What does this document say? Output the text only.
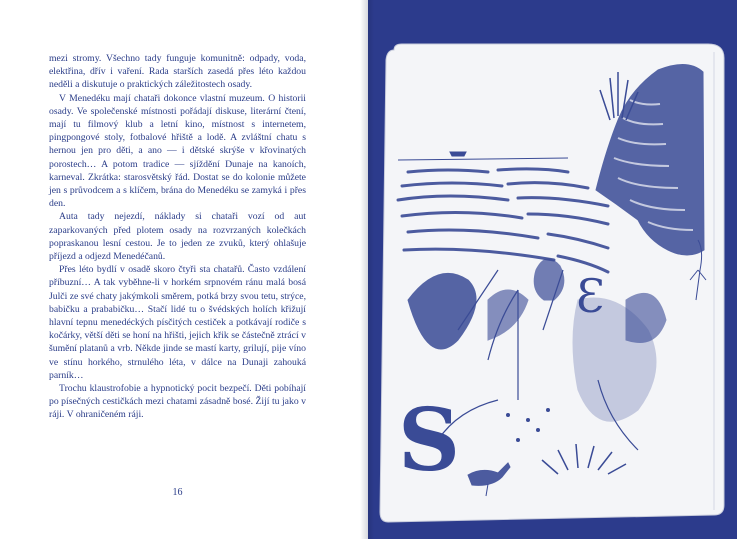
mezi stromy. Všechno tady funguje komunitně: odpady, voda, elektřina, dřív i vaření. Rada starších zasedá přes léto každou neděli a diskutuje o praktických záležitostech osady.

V Menedéku mají chataři dokonce vlastní muzeum. O historii osady. Ve společenské místnosti pořádají diskuse, literární čtení, mají tu filmový klub a letní kino, místnost s internetem, pingpongové stoly, fotbalové hřiště a lodě. A zvláštní chatu s hernou jen pro děti, a ano — i dětské skrýše v křovinatých porostech… A potom tradice — sjíždění Dunaje na kanoích, karneval. Zkrátka: starosvětský řád. Dostat se do kolonie můžete jen s průvodcem a s klíčem, brána do Menedéku se zamyká i přes den.

Auta tady nejezdí, náklady si chataři vozí od aut zaparkovaných před plotem osady na rozvrzaných kolečkách popraskanou lesní cestou. Je to jeden ze zvuků, který ohlašuje příjezd a odjezd Menedéčanů.

Přes léto bydlí v osadě skoro čtyři sta chatařů. Často vzdálení příbuzní… A tak vyběhne-li v horkém srpnovém ránu malá bosá Julči ze své chaty jakýmkoli směrem, potká brzy svou tetu, strýce, babičku a prababičku… Stačí lidé tu o švédských holích křižují hlavní tepnu menedéckých písčitých cestiček a potkávají rodiče s kočárky, větší děti se honí na hřišti, jejich křik se částečně ztrácí v šumění platanů a vrb. Někde jinde se mastí karty, grilují, pije víno ve stínu horkého, strnulého léta, v dálce na Dunaji zahouká parník…

Trochu klaustrofobie a hypnotický pocit bezpečí. Děti pobíhají po písečných cestičkách mezi chatami zásadně bosé. Žijí tu jako v ráji. V ohraničeném ráji.

16
S
Ɛ
